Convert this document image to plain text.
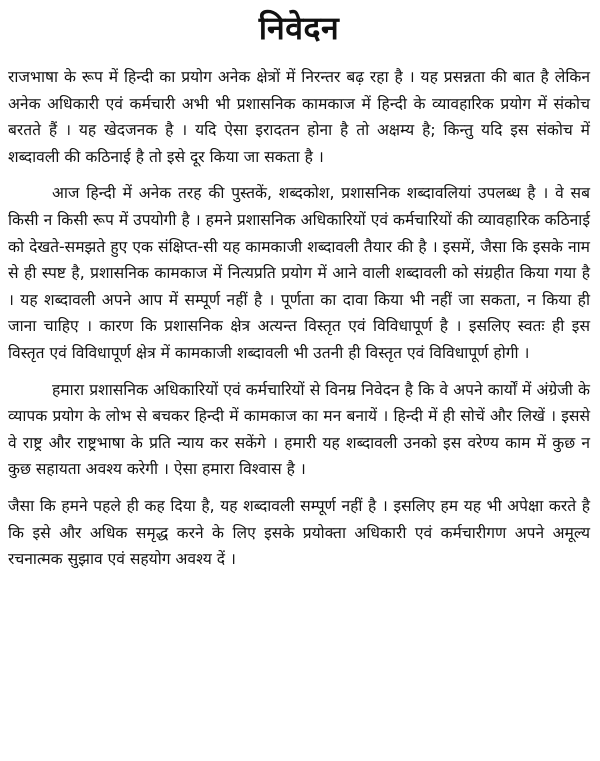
निवेदन

राजभाषा के रूप में हिन्दी का प्रयोग अनेक क्षेत्रों में निरन्तर बढ़ रहा है । यह प्रसन्नता की बात है लेकिन अनेक अधिकारी एवं कर्मचारी अभी भी प्रशासनिक कामकाज में हिन्दी के व्यावहारिक प्रयोग में संकोच बरतते हैं । यह खेदजनक है । यदि ऐसा इरादतन होना है तो अक्षम्य है; किन्तु यदि इस संकोच में शब्दावली की कठिनाई है तो इसे दूर किया जा सकता है ।

आज हिन्दी में अनेक तरह की पुस्तकें, शब्दकोश, प्रशासनिक शब्दावलियां उपलब्ध है । वे सब किसी न किसी रूप में उपयोगी है । हमने प्रशासनिक अधिकारियों एवं कर्मचारियों की व्यावहारिक कठिनाई को देखते-समझते हुए एक संक्षिप्त-सी यह कामकाजी शब्दावली तैयार की है । इसमें, जैसा कि इसके नाम से ही स्पष्ट है, प्रशासनिक कामकाज में नित्यप्रति प्रयोग में आने वाली शब्दावली को संग्रहीत किया गया है । यह शब्दावली अपने आप में सम्पूर्ण नहीं है । पूर्णता का दावा किया भी नहीं जा सकता, न किया ही जाना चाहिए । कारण कि प्रशासनिक क्षेत्र अत्यन्त विस्तृत एवं विविधापूर्ण है । इसलिए स्वतः ही इस विस्तृत एवं विविधापूर्ण क्षेत्र में कामकाजी शब्दावली भी उतनी ही विस्तृत एवं विविधापूर्ण होगी ।

हमारा प्रशासनिक अधिकारियों एवं कर्मचारियों से विनम्र निवेदन है कि वे अपने कार्यों में अंग्रेजी के व्यापक प्रयोग के लोभ से बचकर हिन्दी में कामकाज का मन बनायें । हिन्दी में ही सोचें और लिखें । इससे वे राष्ट्र और राष्ट्रभाषा के प्रति न्याय कर सकेंगे । हमारी यह शब्दावली उनको इस वरेण्य काम में कुछ न कुछ सहायता अवश्य करेगी । ऐसा हमारा विश्वास है ।

जैसा कि हमने पहले ही कह दिया है, यह शब्दावली सम्पूर्ण नहीं है । इसलिए हम यह भी अपेक्षा करते है कि इसे और अधिक समृद्ध करने के लिए इसके प्रयोक्ता अधिकारी एवं कर्मचारीगण अपने अमूल्य रचनात्मक सुझाव एवं सहयोग अवश्य दें ।
